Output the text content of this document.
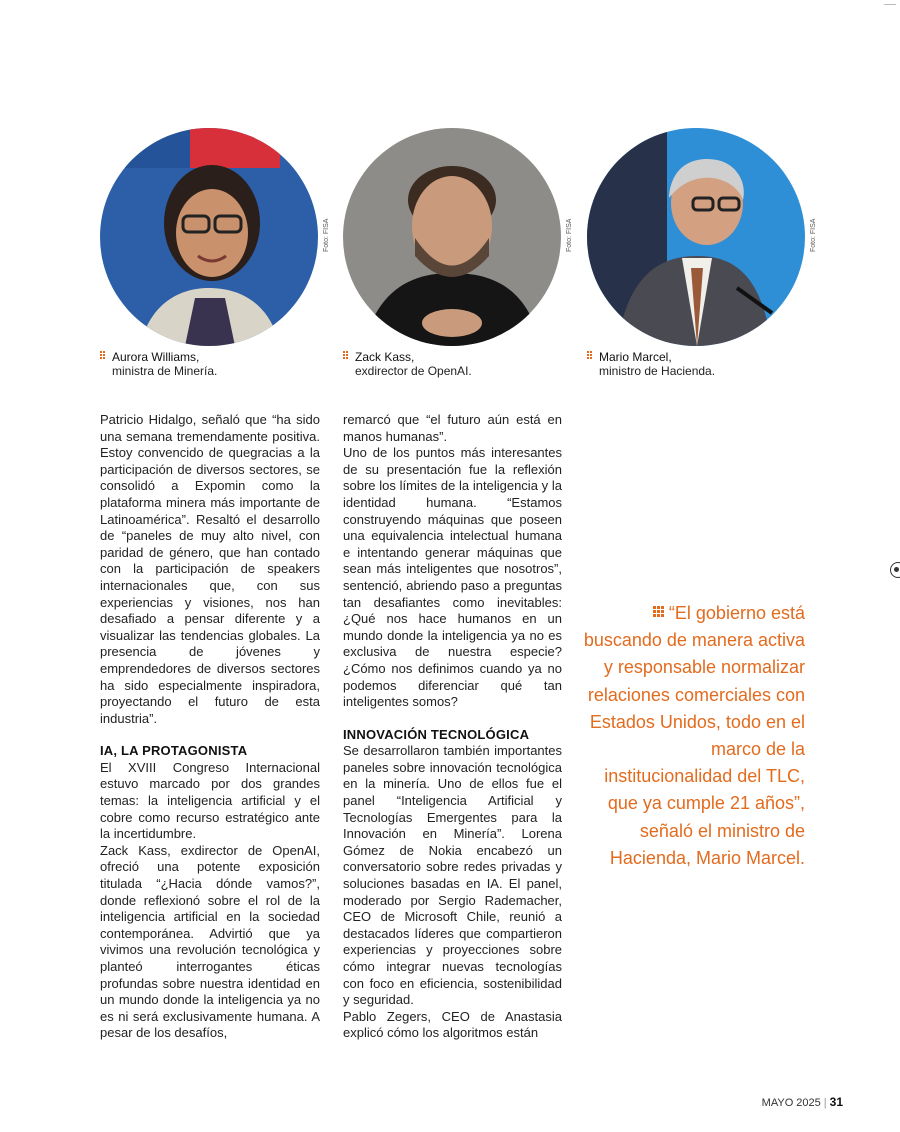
Foto: FISA	Foto: FISA	Foto: FISA
Aurora Williams,
ministra de Minería.
Zack Kass,
exdirector de OpenAI.
Mario Marcel,
ministro de Hacienda.

Patricio Hidalgo, señaló que “ha sido una semana tremendamente positiva. Estoy convencido de quegracias a la participación de diversos sectores, se consolidó a Expomin como la plataforma minera más importante de Latinoamérica”. Resaltó el desarrollo de “paneles de muy alto nivel, con paridad de género, que han contado con la participación de speakers internacionales que, con sus experiencias y visiones, nos han desafiado a pensar diferente y a visualizar las tendencias globales. La presencia de jóvenes y emprendedores de diversos sectores ha sido especialmente inspiradora, proyectando el futuro de esta industria”.

IA, LA PROTAGONISTA

El XVIII Congreso Internacional estuvo marcado por dos grandes temas: la inteligencia artificial y el cobre como recurso estratégico ante la incertidumbre.

Zack Kass, exdirector de OpenAI, ofreció una potente exposición titulada “¿Hacia dónde vamos?”, donde reflexionó sobre el rol de la inteligencia artificial en la sociedad contemporánea. Advirtió que ya vivimos una revolución tecnológica y planteó interrogantes éticas profundas sobre nuestra identidad en un mundo donde la inteligencia ya no es ni será exclusivamente humana. A pesar de los desafíos,

remarcó que “el futuro aún está en manos humanas”.

Uno de los puntos más interesantes de su presentación fue la reflexión sobre los límites de la inteligencia y la identidad humana. “Estamos construyendo máquinas que poseen una equivalencia intelectual humana e intentando generar máquinas que sean más inteligentes que nosotros”, sentenció, abriendo paso a preguntas tan desafiantes como inevitables: ¿Qué nos hace humanos en un mundo donde la inteligencia ya no es exclusiva de nuestra especie? ¿Cómo nos definimos cuando ya no podemos diferenciar qué tan inteligentes somos?

INNOVACIÓN TECNOLÓGICA

Se desarrollaron también importantes paneles sobre innovación tecnológica en la minería. Uno de ellos fue el panel “Inteligencia Artificial y Tecnologías Emergentes para la Innovación en Minería”. Lorena Gómez de Nokia encabezó un conversatorio sobre redes privadas y soluciones basadas en IA. El panel, moderado por Sergio Rademacher, CEO de Microsoft Chile, reunió a destacados líderes que compartieron experiencias y proyecciones sobre cómo integrar nuevas tecnologías con foco en eficiencia, sostenibilidad y seguridad.

Pablo Zegers, CEO de Anastasia explicó cómo los algoritmos están

“El gobierno está buscando de manera activa y responsable normalizar relaciones comerciales con Estados Unidos, todo en el marco de la institucionalidad del TLC, que ya cumple 21 años”, señaló el ministro de Hacienda, Mario Marcel.
MAYO 2025 | 31
